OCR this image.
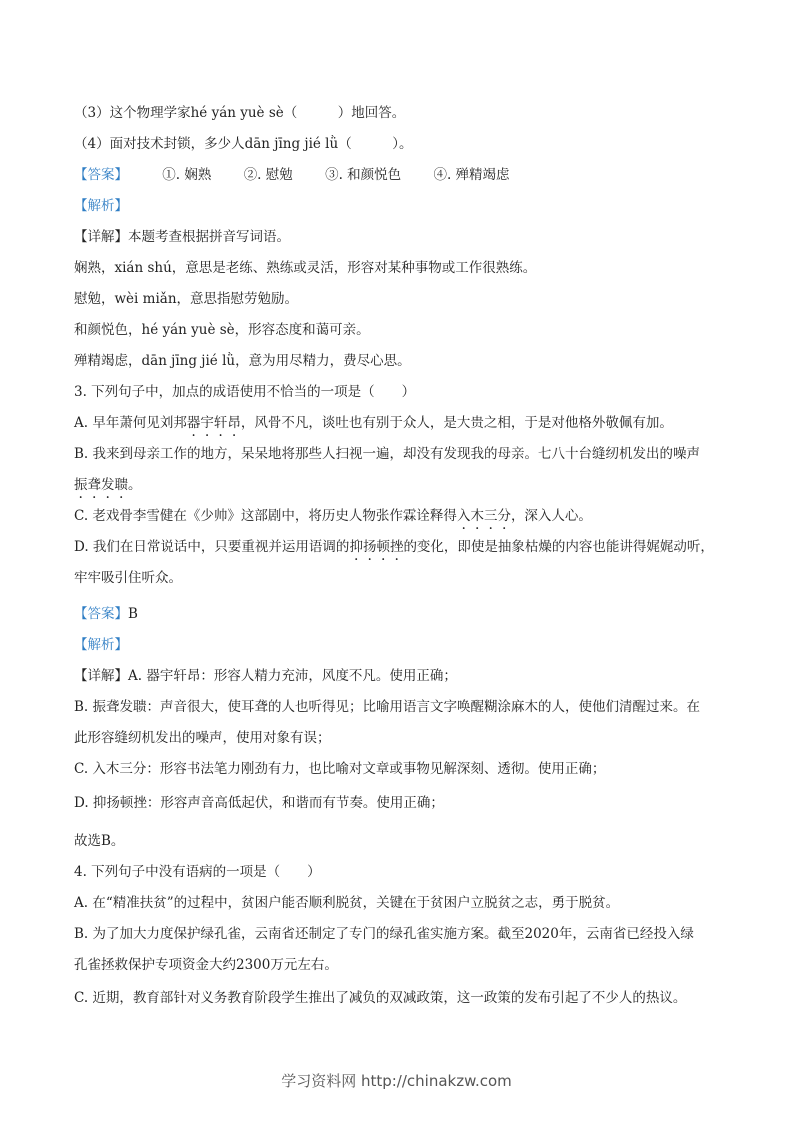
（3）这个物理学家hé yán yuè sè（　　　）地回答。
（4）面对技术封锁，多少人dān jīng jié lǜ（　　　）。
【答案】	①. 娴熟 ②. 慰勉 ③. 和颜悦色 ④. 殚精竭虑
【解析】
【详解】本题考查根据拼音写词语。
娴熟，xián shú，意思是老练、熟练或灵活，形容对某种事物或工作很熟练。
慰勉，wèi miǎn，意思指慰劳勉励。
和颜悦色，hé yán yuè sè，形容态度和蔼可亲。
殚精竭虑，dān jīng jié lǜ，意为用尽精力，费尽心思。
3. 下列句子中，加点的成语使用不恰当的一项是（　　）
A. 早年萧何见刘邦器宇轩昂，风骨不凡，谈吐也有别于众人，是大贵之相，于是对他格外敬佩有加。
B. 我来到母亲工作的地方，呆呆地将那些人扫视一遍，却没有发现我的母亲。七八十台缝纫机发出的噪声
振聋发聩。
C. 老戏骨李雪健在《少帅》这部剧中，将历史人物张作霖诠释得入木三分，深入人心。
D. 我们在日常说话中，只要重视并运用语调的抑扬顿挫的变化，即使是抽象枯燥的内容也能讲得娓娓动听，
牢牢吸引住听众。
【答案】B
【解析】
【详解】A. 器宇轩昂：形容人精力充沛，风度不凡。使用正确；
B. 振聋发聩：声音很大，使耳聋的人也听得见；比喻用语言文字唤醒糊涂麻木的人，使他们清醒过来。在
此形容缝纫机发出的噪声，使用对象有误；
C. 入木三分：形容书法笔力刚劲有力，也比喻对文章或事物见解深刻、透彻。使用正确；
D. 抑扬顿挫：形容声音高低起伏，和谐而有节奏。使用正确；
故选B。
4. 下列句子中没有语病的一项是（　　）
A. 在“精准扶贫”的过程中，贫困户能否顺利脱贫，关键在于贫困户立脱贫之志，勇于脱贫。
B. 为了加大力度保护绿孔雀，云南省还制定了专门的绿孔雀实施方案。截至2020年，云南省已经投入绿
孔雀拯救保护专项资金大约2300万元左右。
C. 近期，教育部针对义务教育阶段学生推出了减负的双减政策，这一政策的发布引起了不少人的热议。
学习资料网 http://chinakzw.com
